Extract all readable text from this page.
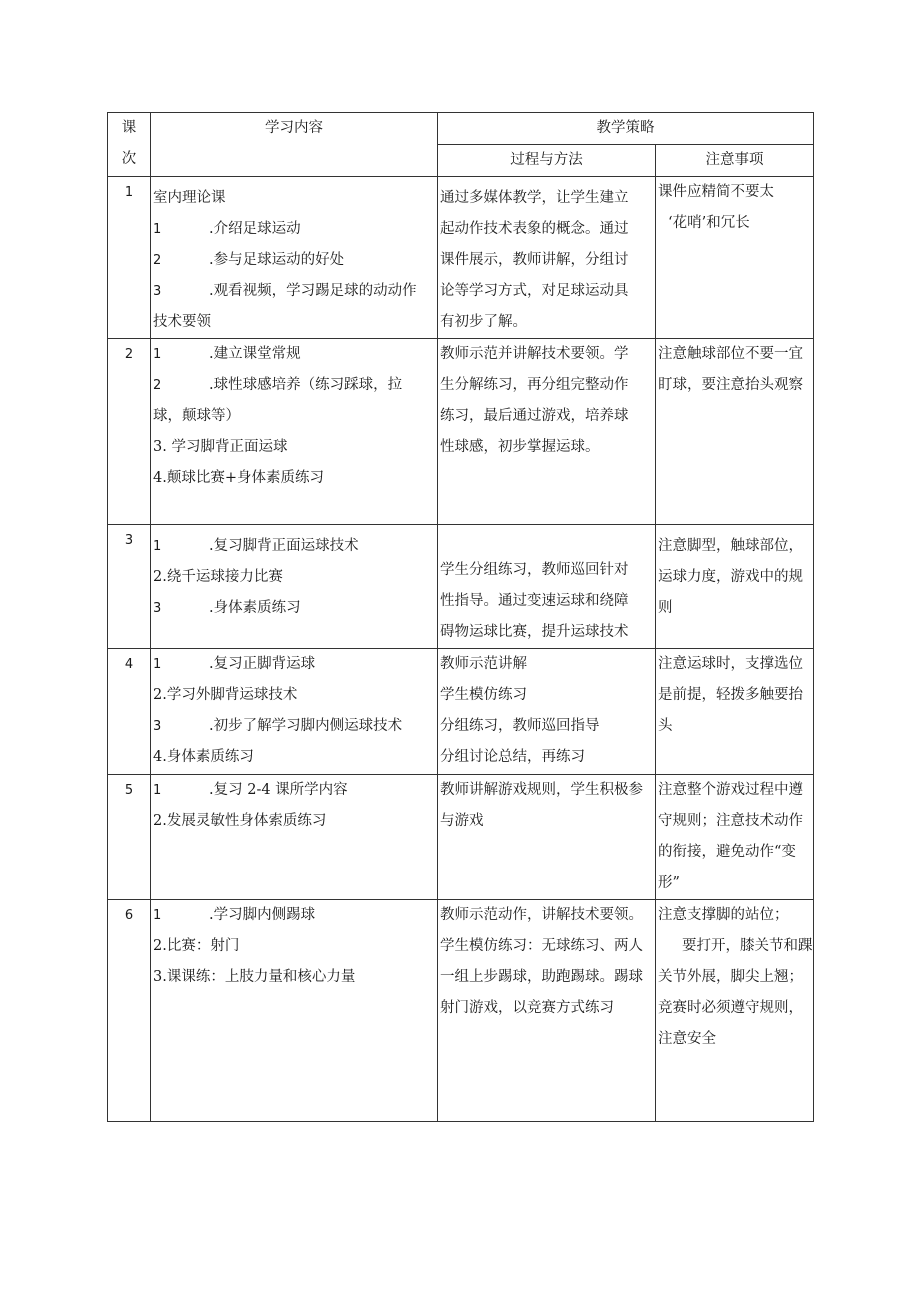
课
次	学习内容	教学策略	
		过程与方法	注意事项
1	室内理论课
1 .介绍足球运动
2 .参与足球运动的好处
3 .观看视频，学习踢足球的动动作
技术要领	通过多媒体教学，让学生建立
起动作技术表象的概念。通过
课件展示，教师讲解，分组讨
论等学习方式，对足球运动具
有初步了解。	课件应精简不要太
‘花哨’和冗长

2	1 .建立课堂常规
2 .球性球感培养（练习踩球，拉
球，颠球等）
3. 学习脚背正面运球
4.颠球比赛+身体素质练习	教师示范并讲解技术要领。学
生分解练习，再分组完整动作
练习，最后通过游戏，培养球
性球感，初步掌握运球。	注意触球部位不要一宜
盯球，要注意抬头观察

3	1 .复习脚背正面运球技术
2.绕千运球接力比赛
3 .身体素质练习	学生分组练习，教师巡回针对
性指导。通过变速运球和绕障
碍物运球比赛，提升运球技术	注意脚型，触球部位，
运球力度，游戏中的规
则

4	1 .复习正脚背运球
2.学习外脚背运球技术
3 .初步了解学习脚内侧运球技术
4.身体素质练习	教师示范讲解
学生模仿练习
分组练习，教师巡回指导
分组讨论总结，再练习	注意运球时，支撑选位
是前提，轻拨多触要抬
头

5	1 .复习 2-4 课所学内容
2.发展灵敏性身体索质练习	教师讲解游戏规则，学生积极参
与游戏	注意整个游戏过程中遵
守规则；注意技术动作
的衔接，避免动作“变
形”

6	1 .学习脚内侧踢球
2.比赛：射门
3.课课练：上肢力量和核心力量	教师示范动作，讲解技术要领。
学生模仿练习：无球练习、两人
一组上步踢球，助跑踢球。踢球
射门游戏，以竞赛方式练习	注意支撑脚的站位；
要打开，膝关节和踝
关节外展，脚尖上翘；
竞赛时必须遵守规则，
注意安全
